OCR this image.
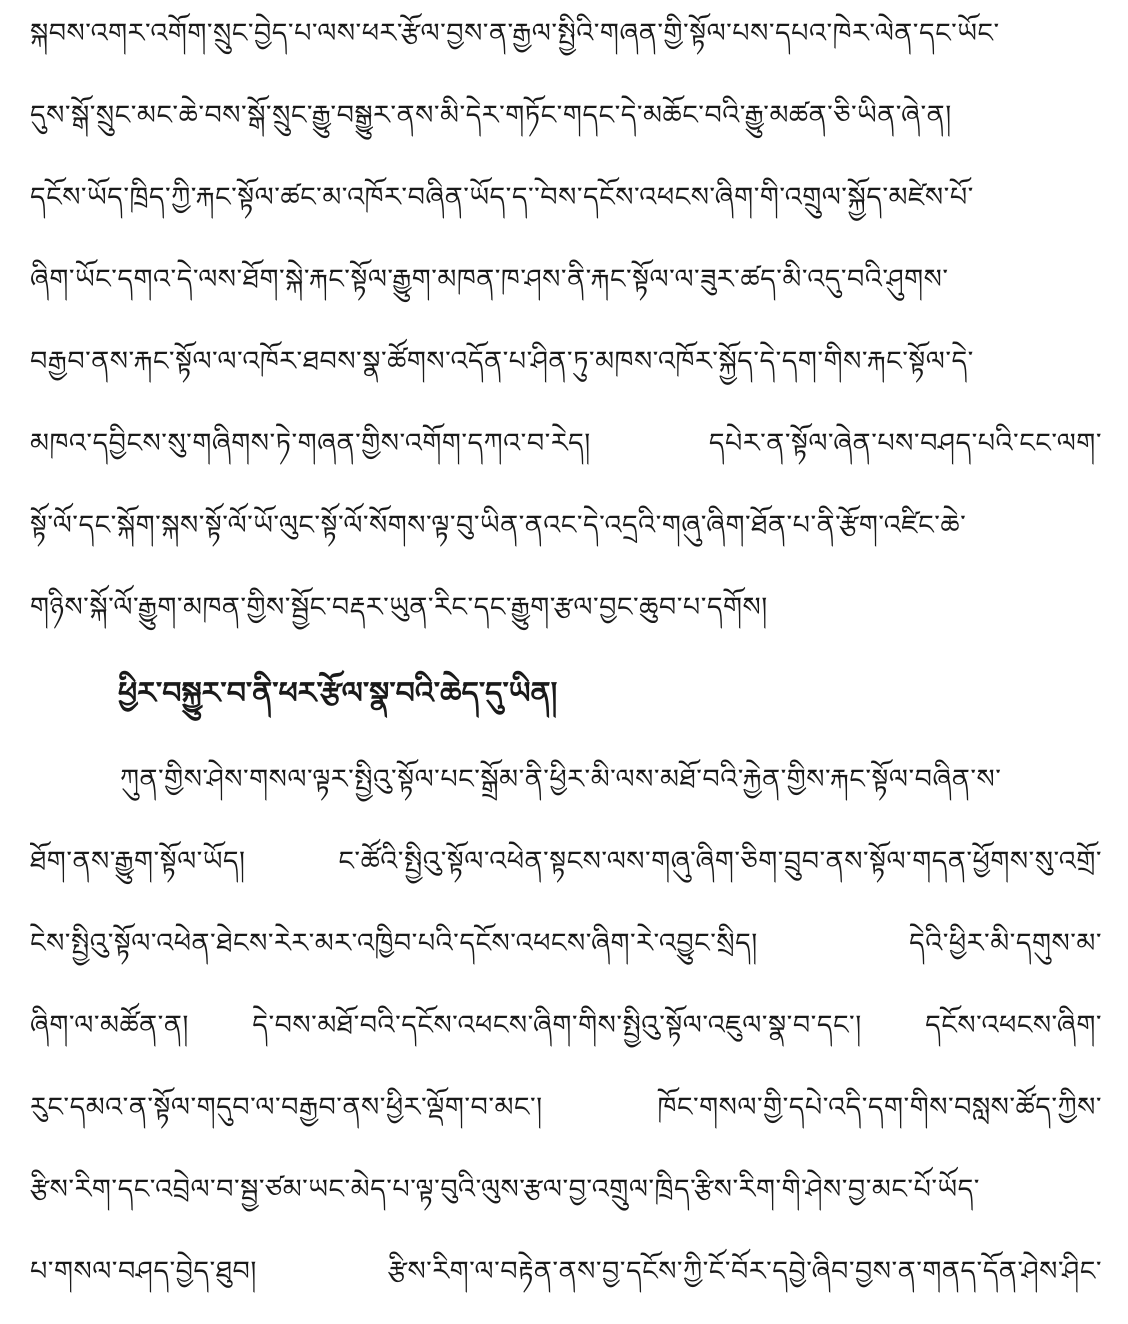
སྐབས་འགར་འགོག་སྲུང་བྱེད་པ་ལས་ཕར་རྩོལ་བྱས་ན་རྒྱལ་སྤྱིའི་གཞན་གྱི་སྟོལ་པས་དཔའ་ཁེར་ལེན་དང་ཡོང་
དུས་སྒོ་སྲུང་མང་ཆེ་བས་སྒོ་སྲུང་རྒྱུ་བསྒྱུར་ནས་མི་དེར་གཏོང་གདང་དེ་མཆོང་བའི་རྒྱུ་མཚན་ཅི་ཡིན་ཞེ་ན།
དངོས་ཡོད་ཁྲིད་ཀྱི་རྐང་སྟོལ་ཚང་མ་འཁོར་བཞིན་ཡོད་ད་ེ་བས་དངོས་འཕངས་ཞིག་གི་འགྲུལ་སྐྱོད་མཛེས་པོ་
ཞིག་ཡོང་དགའ་དེ་ལས་ཐོག་སྐེ་རྐང་སྟོལ་རྒྱུག་མཁན་ཁ་ཤས་ནི་རྐང་སྟོལ་ལ་ཟུར་ཚད་མི་འདུ་བའི་ཤུགས་
བརྒྱབ་ནས་རྐང་སྟོལ་ལ་འཁོར་ཐབས་སྣ་ཚོགས་འདོན་པ་ཤིན་ཏུ་མཁས་འཁོར་སྐྱོད་དེ་དག་གིས་རྐང་སྟོལ་དེ་
མཁའ་དབྱིངས་སུ་གཞིགས་ཏེ་གཞན་གྱིས་འགོག་དཀའ་བ་རེད། དཔེར་ན་སྟོལ་ཞེན་པས་བཤད་པའི་ངང་ལག་
སྟོ་ལོ་དང་སྐོག་སྐས་སྟོ་ལོ་ཡོ་ལུང་སྟོ་ལོ་སོགས་ལྟ་བུ་ཡིན་ནའང་དེ་འདྲའི་གཞུ་ཞིག་ཐོན་པ་ནི་རྩོག་འཛིང་ཆེ་
གཉིས་སྐོ་ལོ་རྒྱུག་མཁན་གྱིས་སྦྱོང་བརྡར་ཡུན་རིང་དང་རྒྱུག་རྩལ་བྱང་ཆུབ་པ་དགོས།
ཕྱིར་བསྐྱུར་བ་ནི་ཕར་རྩོལ་སྣ་བའི་ཆེད་དུ་ཡིན།
ཀུན་གྱིས་ཤེས་གསལ་ལྟར་སྤྱིའུ་སྟོལ་པང་སྒྲོམ་ནི་ཕྱིར་མི་ལས་མཐོ་བའི་རྐྱེན་གྱིས་རྐང་སྟོལ་བཞིན་ས་
ཐོག་ནས་རྒྱུག་སྟོལ་ཡོད། ང་ཚོའི་སྤྱིའུ་སྟོལ་འཕེན་སྟངས་ལས་གཞུ་ཞིག་ཅིག་བྲུབ་ནས་སྟོལ་གདན་ཕྱོགས་སུ་འགྲོ་
ངེས་སྤྱིའུ་སྟོལ་འཕེན་ཐེངས་རེར་མར་འཁྱིབ་པའི་དངོས་འཕངས་ཞིག་རེ་འབྱུང་སྲིད། དེའི་ཕྱིར་མི་དགུས་མ་
ཞིག་ལ་མཚོན་ན། དེ་བས་མཐོ་བའི་དངོས་འཕངས་ཞིག་གིས་སྤྱིའུ་སྟོལ་འཇུལ་སྣ་བ་དང་། དངོས་འཕངས་ཞིག་
རུང་དམའ་ན་སྟོལ་གདུབ་ལ་བརྒྱབ་ནས་ཕྱིར་ལྡོག་བ་མང་། ཁོང་གསལ་གྱི་དཔེ་འདི་དག་གིས་བསླས་ཚོད་ཀྱིས་
རྩིས་རིག་དང་འབྲེལ་བ་སྦྱ་ཙམ་ཡང་མེད་པ་ལྟ་བུའི་ལུས་རྩལ་བྱ་འགྲུལ་ཁྲིད་རྩིས་རིག་གི་ཤེས་བྱ་མང་པོ་ཡོད་
པ་གསལ་བཤད་བྱེད་ཐུབ། རྩིས་རིག་ལ་བརྟེན་ནས་བྱ་དངོས་ཀྱི་ངོ་བོར་དབྱེ་ཞིབ་བྱས་ན་གནད་དོན་ཤེས་ཤིང་
